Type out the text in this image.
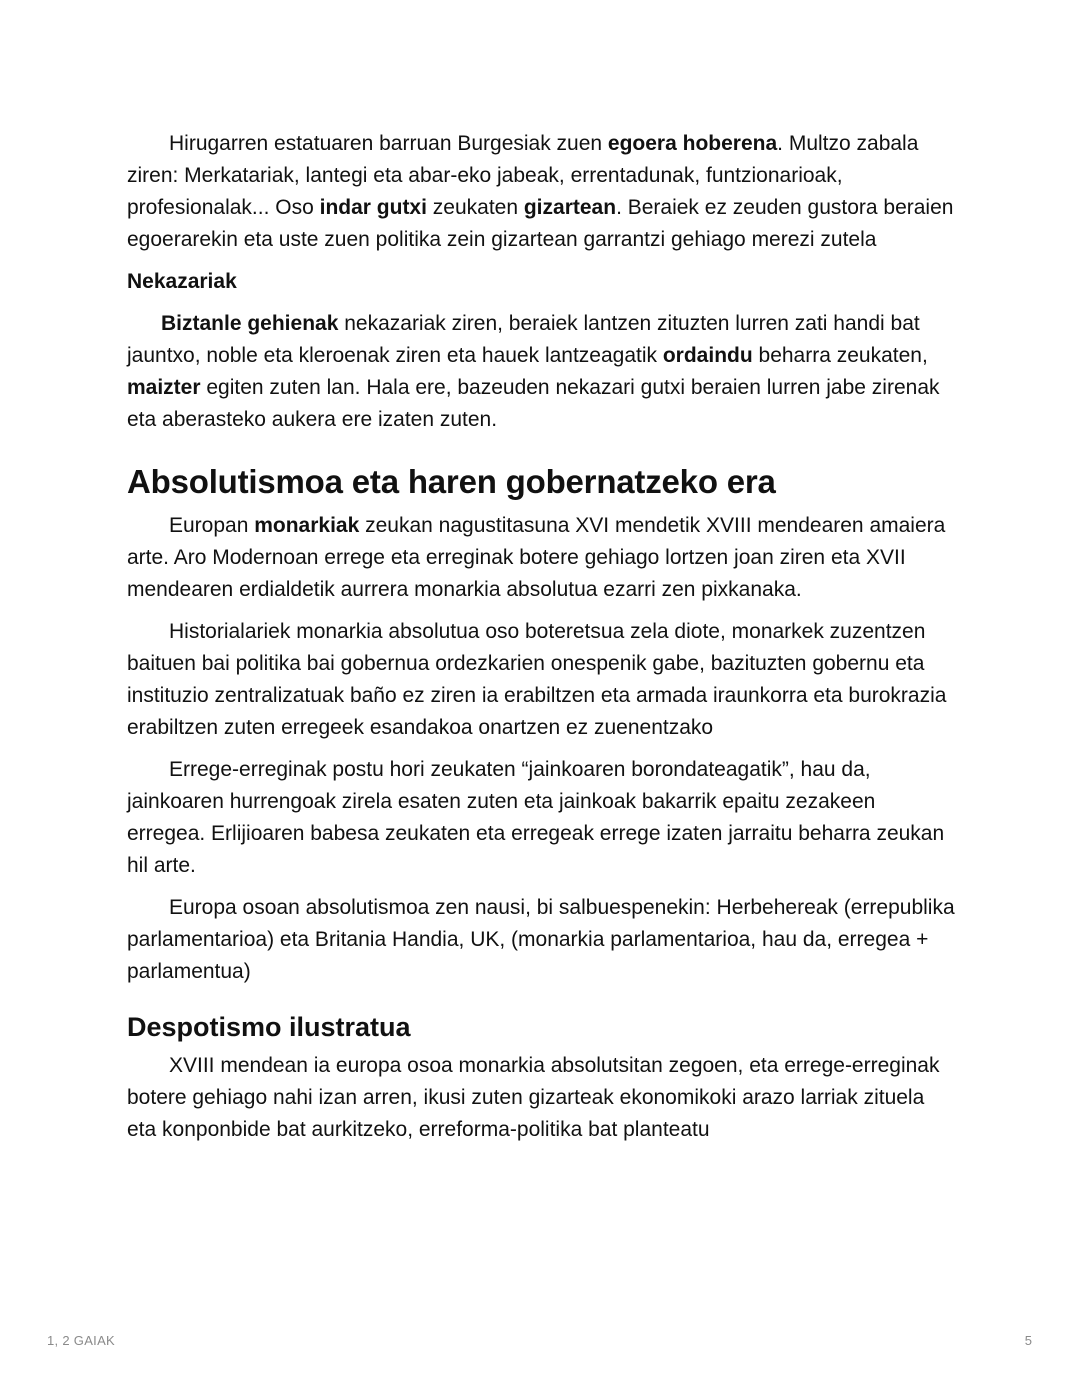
Hirugarren estatuaren barruan Burgesiak zuen egoera hoberena. Multzo zabala ziren: Merkatariak, lantegi eta abar-eko jabeak, errentadunak, funtzionarioak, profesionalak... Oso indar gutxi zeukaten gizartean. Beraiek ez zeuden gustora beraien egoerarekin eta uste zuen politika zein gizartean garrantzi gehiago merezi zutela

Nekazariak

Biztanle gehienak nekazariak ziren, beraiek lantzen zituzten lurren zati handi bat jauntxo, noble eta kleroenak ziren eta hauek lantzeagatik ordaindu beharra zeukaten, maizter egiten zuten lan. Hala ere, bazeuden nekazari gutxi beraien lurren jabe zirenak eta aberasteko aukera ere izaten zuten.

Absolutismoa eta haren gobernatzeko era

Europan monarkiak zeukan nagustitasuna XVI mendetik XVIII mendearen amaiera arte. Aro Modernoan errege eta erreginak botere gehiago lortzen joan ziren eta XVII mendearen erdialdetik aurrera monarkia absolutua ezarri zen pixkanaka.

Historialariek monarkia absolutua oso boteretsua zela diote, monarkek zuzentzen baituen bai politika bai gobernua ordezkarien onespenik gabe, bazituzten gobernu eta instituzio zentralizatuak baño ez ziren ia erabiltzen eta armada iraunkorra eta burokrazia erabiltzen zuten erregeek esandakoa onartzen ez zuenentzako

Errege-erreginak postu hori zeukaten “jainkoaren borondateagatik”, hau da, jainkoaren hurrengoak zirela esaten zuten eta jainkoak bakarrik epaitu zezakeen erregea. Erlijioaren babesa zeukaten eta erregeak errege izaten jarraitu beharra zeukan hil arte.

Europa osoan absolutismoa zen nausi, bi salbuespenekin: Herbehereak (errepublika parlamentarioa) eta Britania Handia, UK, (monarkia parlamentarioa, hau da, erregea + parlamentua)

Despotismo ilustratua

XVIII mendean ia europa osoa monarkia absolutsitan zegoen, eta errege-erreginak botere gehiago nahi izan arren, ikusi zuten gizarteak ekonomikoki arazo larriak zituela eta konponbide bat aurkitzeko, erreforma-politika bat planteatu

1, 2 GAIAK	5
